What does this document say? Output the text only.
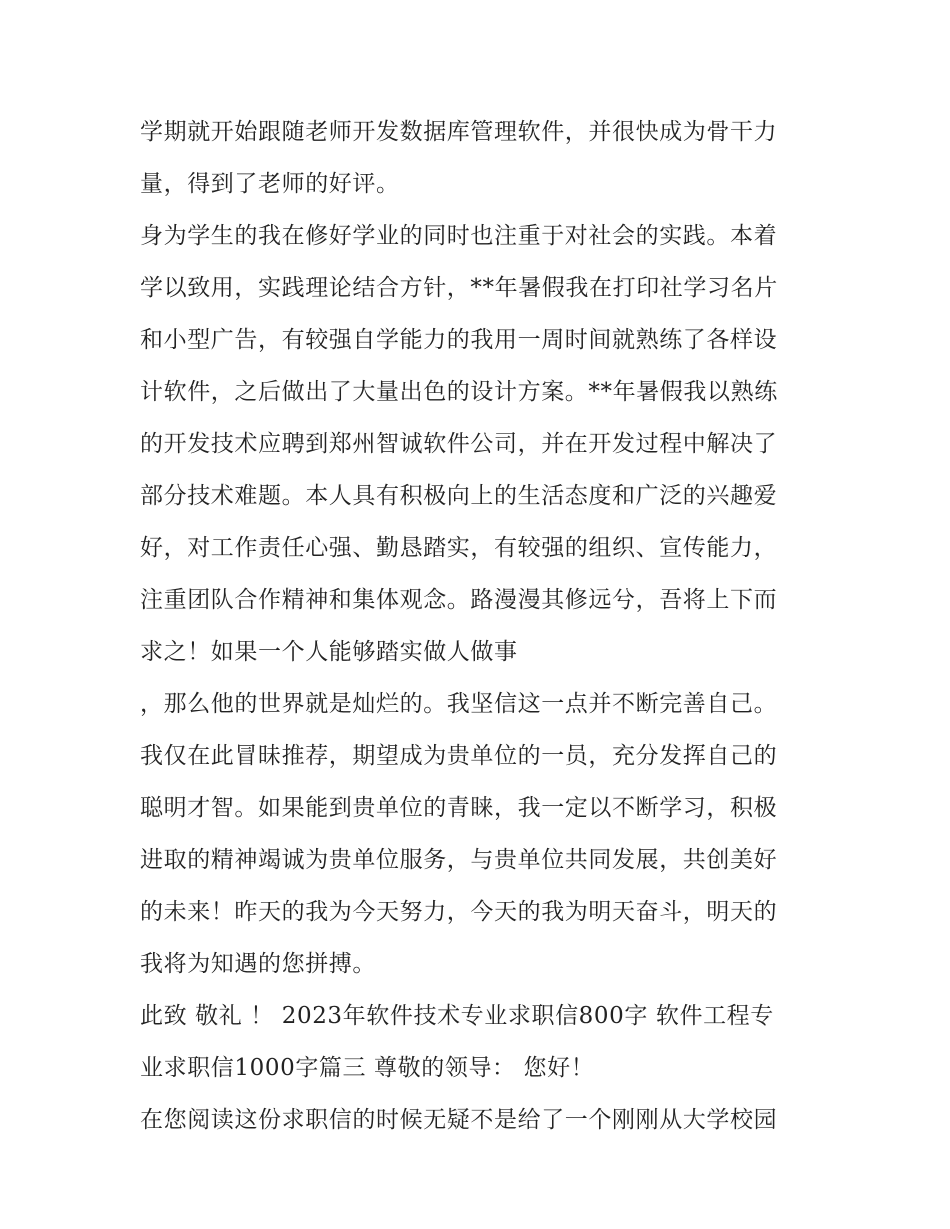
学期就开始跟随老师开发数据库管理软件，并很快成为骨干力
量，得到了老师的好评。
身为学生的我在修好学业的同时也注重于对社会的实践。本着
学以致用，实践理论结合方针，**年暑假我在打印社学习名片
和小型广告，有较强自学能力的我用一周时间就熟练了各样设
计软件，之后做出了大量出色的设计方案。**年暑假我以熟练
的开发技术应聘到郑州智诚软件公司，并在开发过程中解决了
部分技术难题。本人具有积极向上的生活态度和广泛的兴趣爱
好，对工作责任心强、勤恳踏实，有较强的组织、宣传能力，
注重团队合作精神和集体观念。路漫漫其修远兮，吾将上下而
求之！如果一个人能够踏实做人做事
，那么他的世界就是灿烂的。我坚信这一点并不断完善自己。
我仅在此冒昧推荐，期望成为贵单位的一员，充分发挥自己的
聪明才智。如果能到贵单位的青睐，我一定以不断学习，积极
进取的精神竭诚为贵单位服务，与贵单位共同发展，共创美好
的未来！昨天的我为今天努力，今天的我为明天奋斗，明天的
我将为知遇的您拼搏。
此致 敬礼 ！ 2023年软件技术专业求职信800字 软件工程专
业求职信1000字篇三 尊敬的领导： 您好！
在您阅读这份求职信的时候无疑不是给了一个刚刚从大学校园
